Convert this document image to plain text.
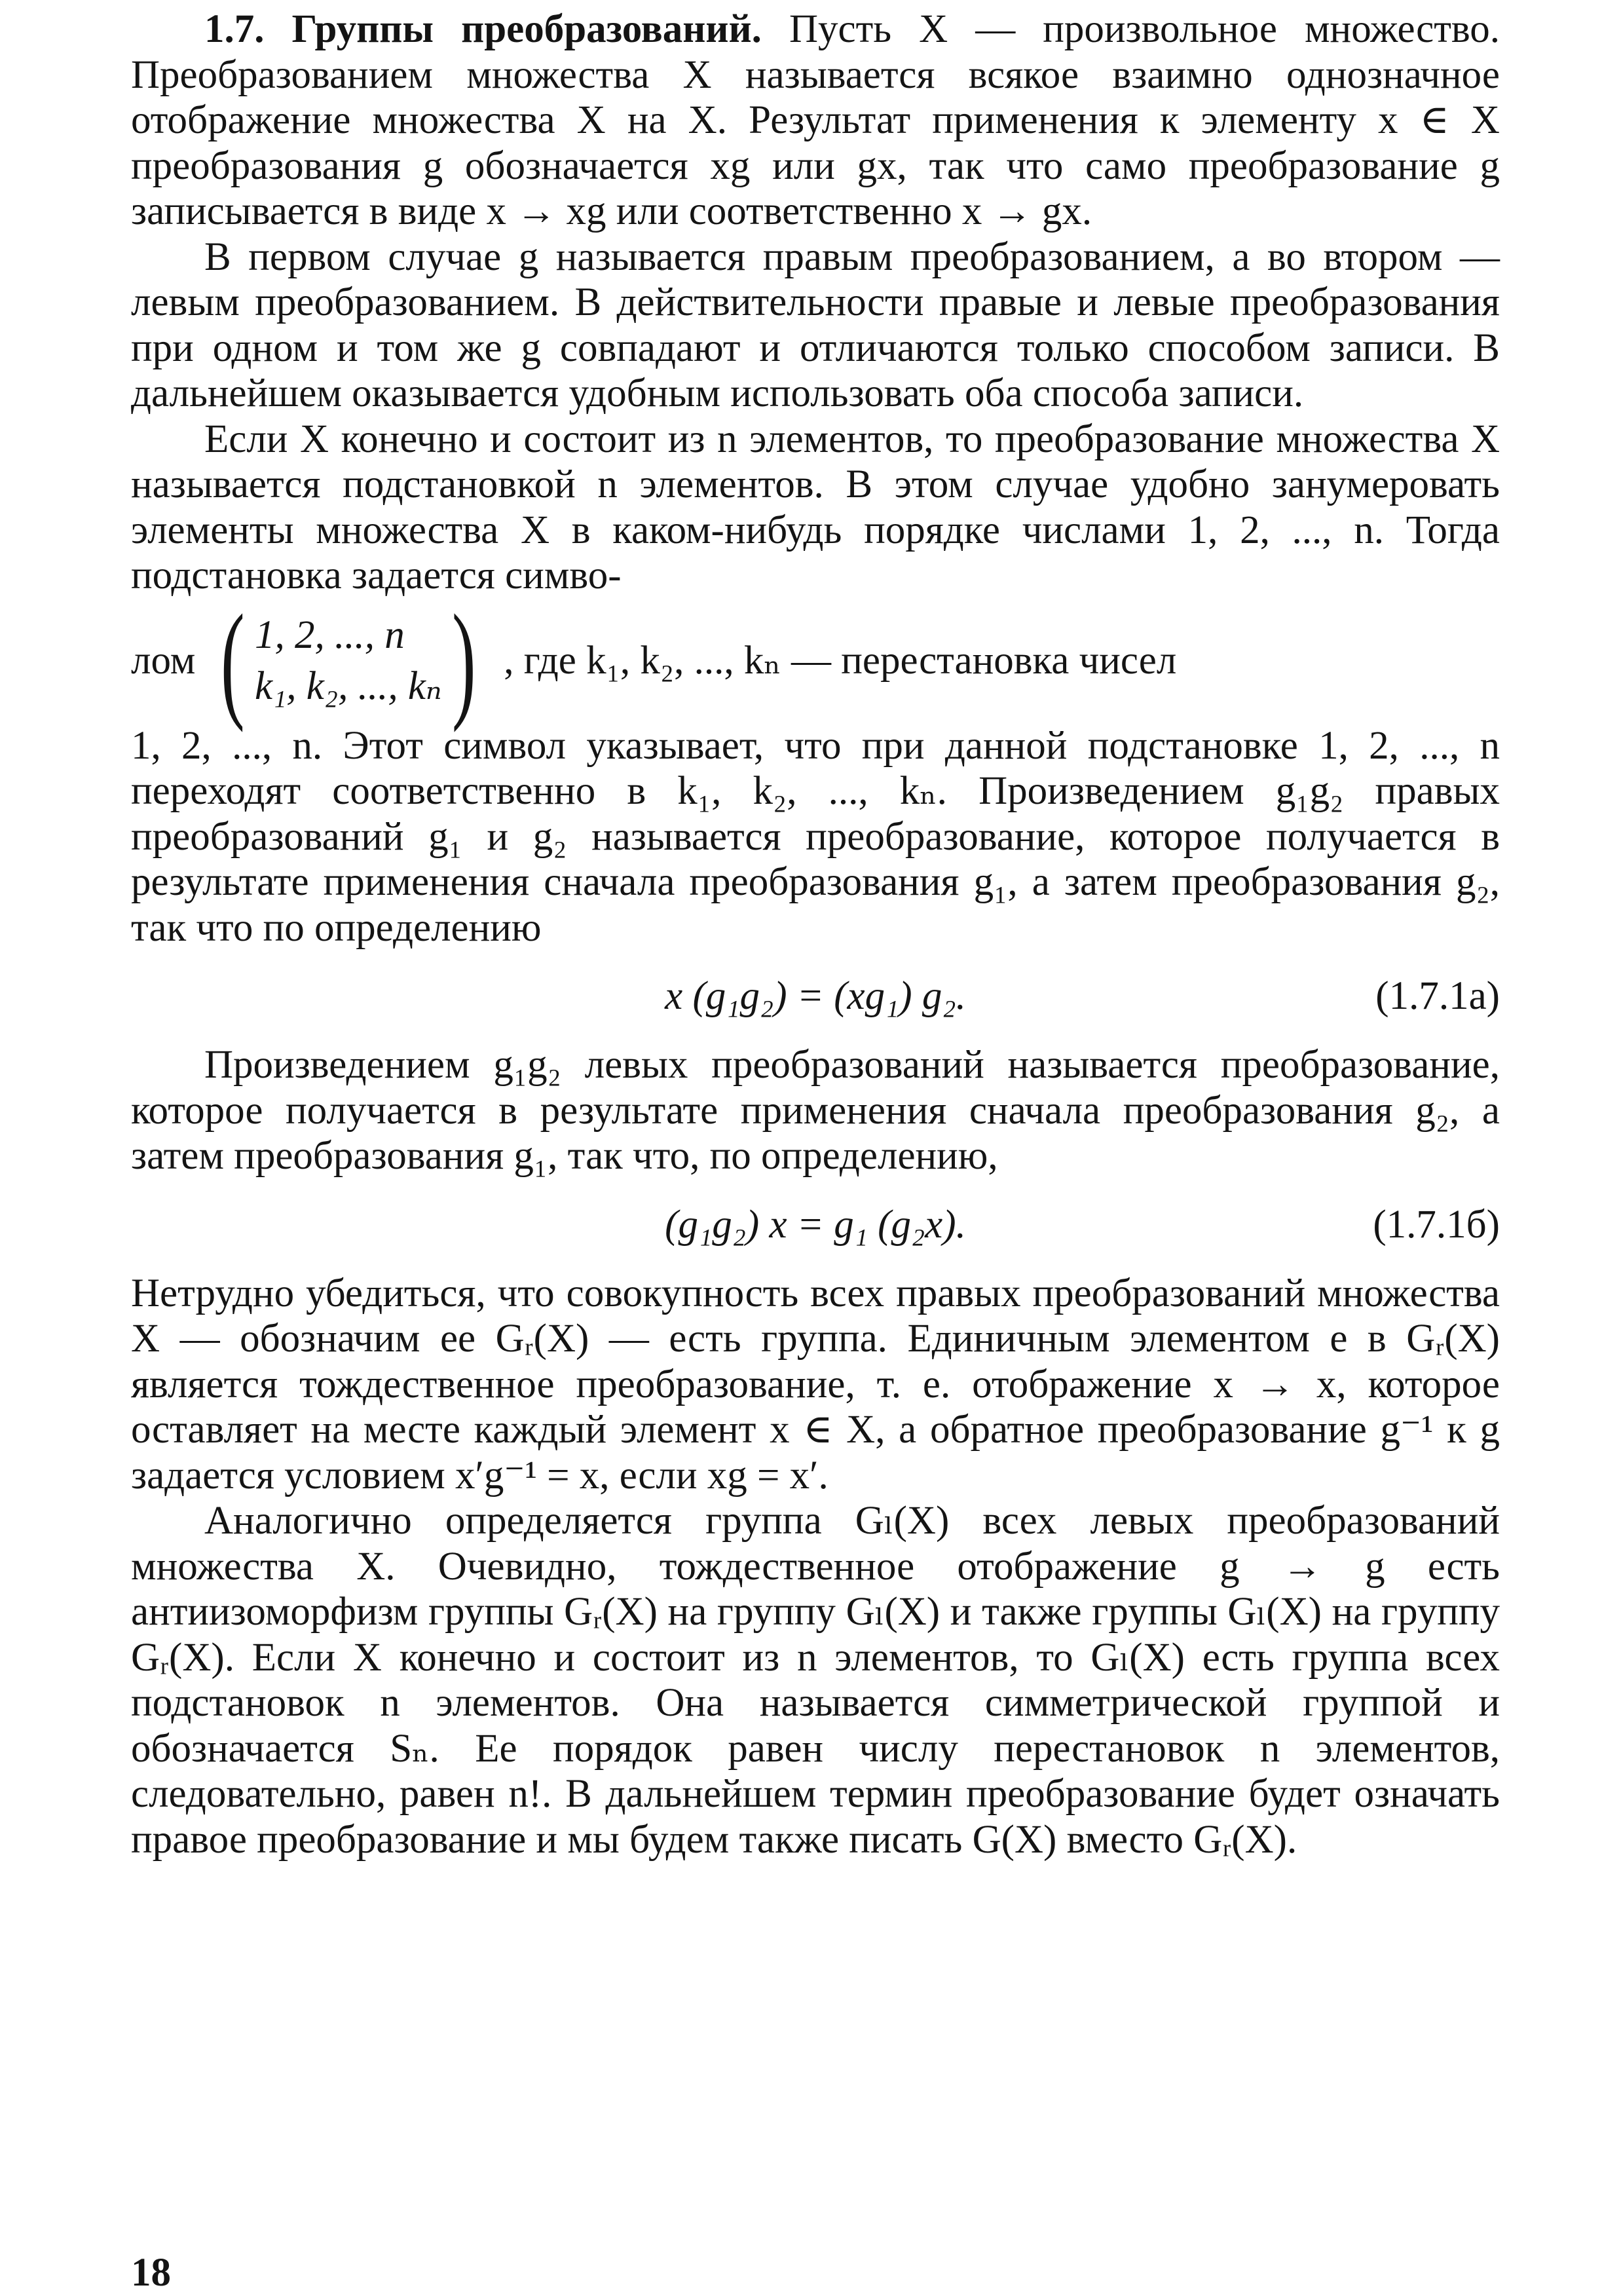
1.7. Группы преобразований. Пусть X — произвольное множество. Преобразованием множества X называется всякое взаимно однозначное отображение множества X на X. Результат применения к элементу x ∈ X преобразования g обозначается xg или gx, так что само преобразование g записывается в виде x → xg или соответственно x → gx.

В первом случае g называется правым преобразованием, а во втором — левым преобразованием. В действительности правые и левые преобразования при одном и том же g совпадают и отличаются только способом записи. В дальнейшем оказывается удобным использовать оба способа записи.

Если X конечно и состоит из n элементов, то преобразование множества X называется подстановкой n элементов. В этом случае удобно занумеровать элементы множества X в каком-нибудь порядке числами 1, 2, ..., n. Тогда подстановка задается симво-

лом ( 1, 2, ..., n
k₁, k₂, ..., kₙ ) , где k₁, k₂, ..., kₙ — перестановка чисел

1, 2, ..., n. Этот символ указывает, что при данной подстановке 1, 2, ..., n переходят соответственно в k₁, k₂, ..., kₙ. Произведением g₁g₂ правых преобразований g₁ и g₂ называется преобразование, которое получается в результате применения сначала преобразования g₁, а затем преобразования g₂, так что по определению

x (g₁g₂) = (xg₁) g₂.	(1.7.1а)

Произведением g₁g₂ левых преобразований называется преобразование, которое получается в результате применения сначала преобразования g₂, а затем преобразования g₁, так что, по определению,

(g₁g₂) x = g₁ (g₂x).	(1.7.1б)

Нетрудно убедиться, что совокупность всех правых преобразований множества X — обозначим ее Gᵣ(X) — есть группа. Единичным элементом e в Gᵣ(X) является тождественное преобразование, т. е. отображение x → x, которое оставляет на месте каждый элемент x ∈ X, а обратное преобразование g⁻¹ к g задается условием x′g⁻¹ = x, если xg = x′.

Аналогично определяется группа Gₗ(X) всех левых преобразований множества X. Очевидно, тождественное отображение g → g есть антиизоморфизм группы Gᵣ(X) на группу Gₗ(X) и также группы Gₗ(X) на группу Gᵣ(X). Если X конечно и состоит из n элементов, то Gₗ(X) есть группа всех подстановок n элементов. Она называется симметрической группой и обозначается Sₙ. Ее порядок равен числу перестановок n элементов, следовательно, равен n!. В дальнейшем термин преобразование будет означать правое преобразование и мы будем также писать G(X) вместо Gᵣ(X).

18
